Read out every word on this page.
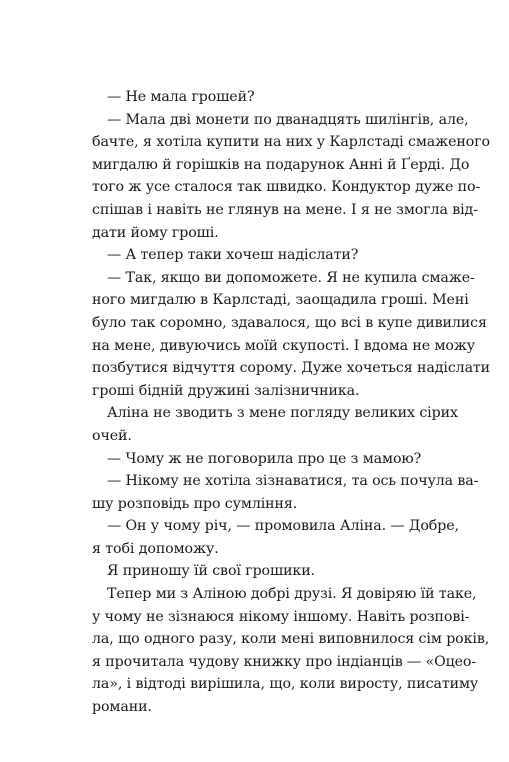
— Не мала грошей?
— Мала дві монети по дванадцять шилінгів, але,
бачте, я хотіла купити на них у Карлстаді смаженого
мигдалю й горішків на подарунок Анні й Ґерді. До
того ж усе сталося так швидко. Кондуктор дуже по-
спішав і навіть не глянув на мене. І я не змогла від-
дати йому гроші.
— А тепер таки хочеш надіслати?
— Так, якщо ви допоможете. Я не купила смаже-
ного мигдалю в Карлстаді, заощадила гроші. Мені
було так соромно, здавалося, що всі в купе дивилися
на мене, дивуючись моїй скупості. І вдома не можу
позбутися відчуття сорому. Дуже хочеться надіслати
гроші бідній дружині залізничника.
Аліна не зводить з мене погляду великих сірих
очей.
— Чому ж не поговорила про це з мамою?
— Нікому не хотіла зізнаватися, та ось почула ва-
шу розповідь про сумління.
— Он у чому річ, — промовила Аліна. — Добре,
я тобі допоможу.
Я приношу їй свої грошики.
Тепер ми з Аліною добрі друзі. Я довіряю їй таке,
у чому не зізнаюся нікому іншому. Навіть розпові-
ла, що одного разу, коли мені виповнилося сім років,
я прочитала чудову книжку про індіанців — «Оцео-
ла», і відтоді вирішила, що, коли виросту, писатиму
романи.
